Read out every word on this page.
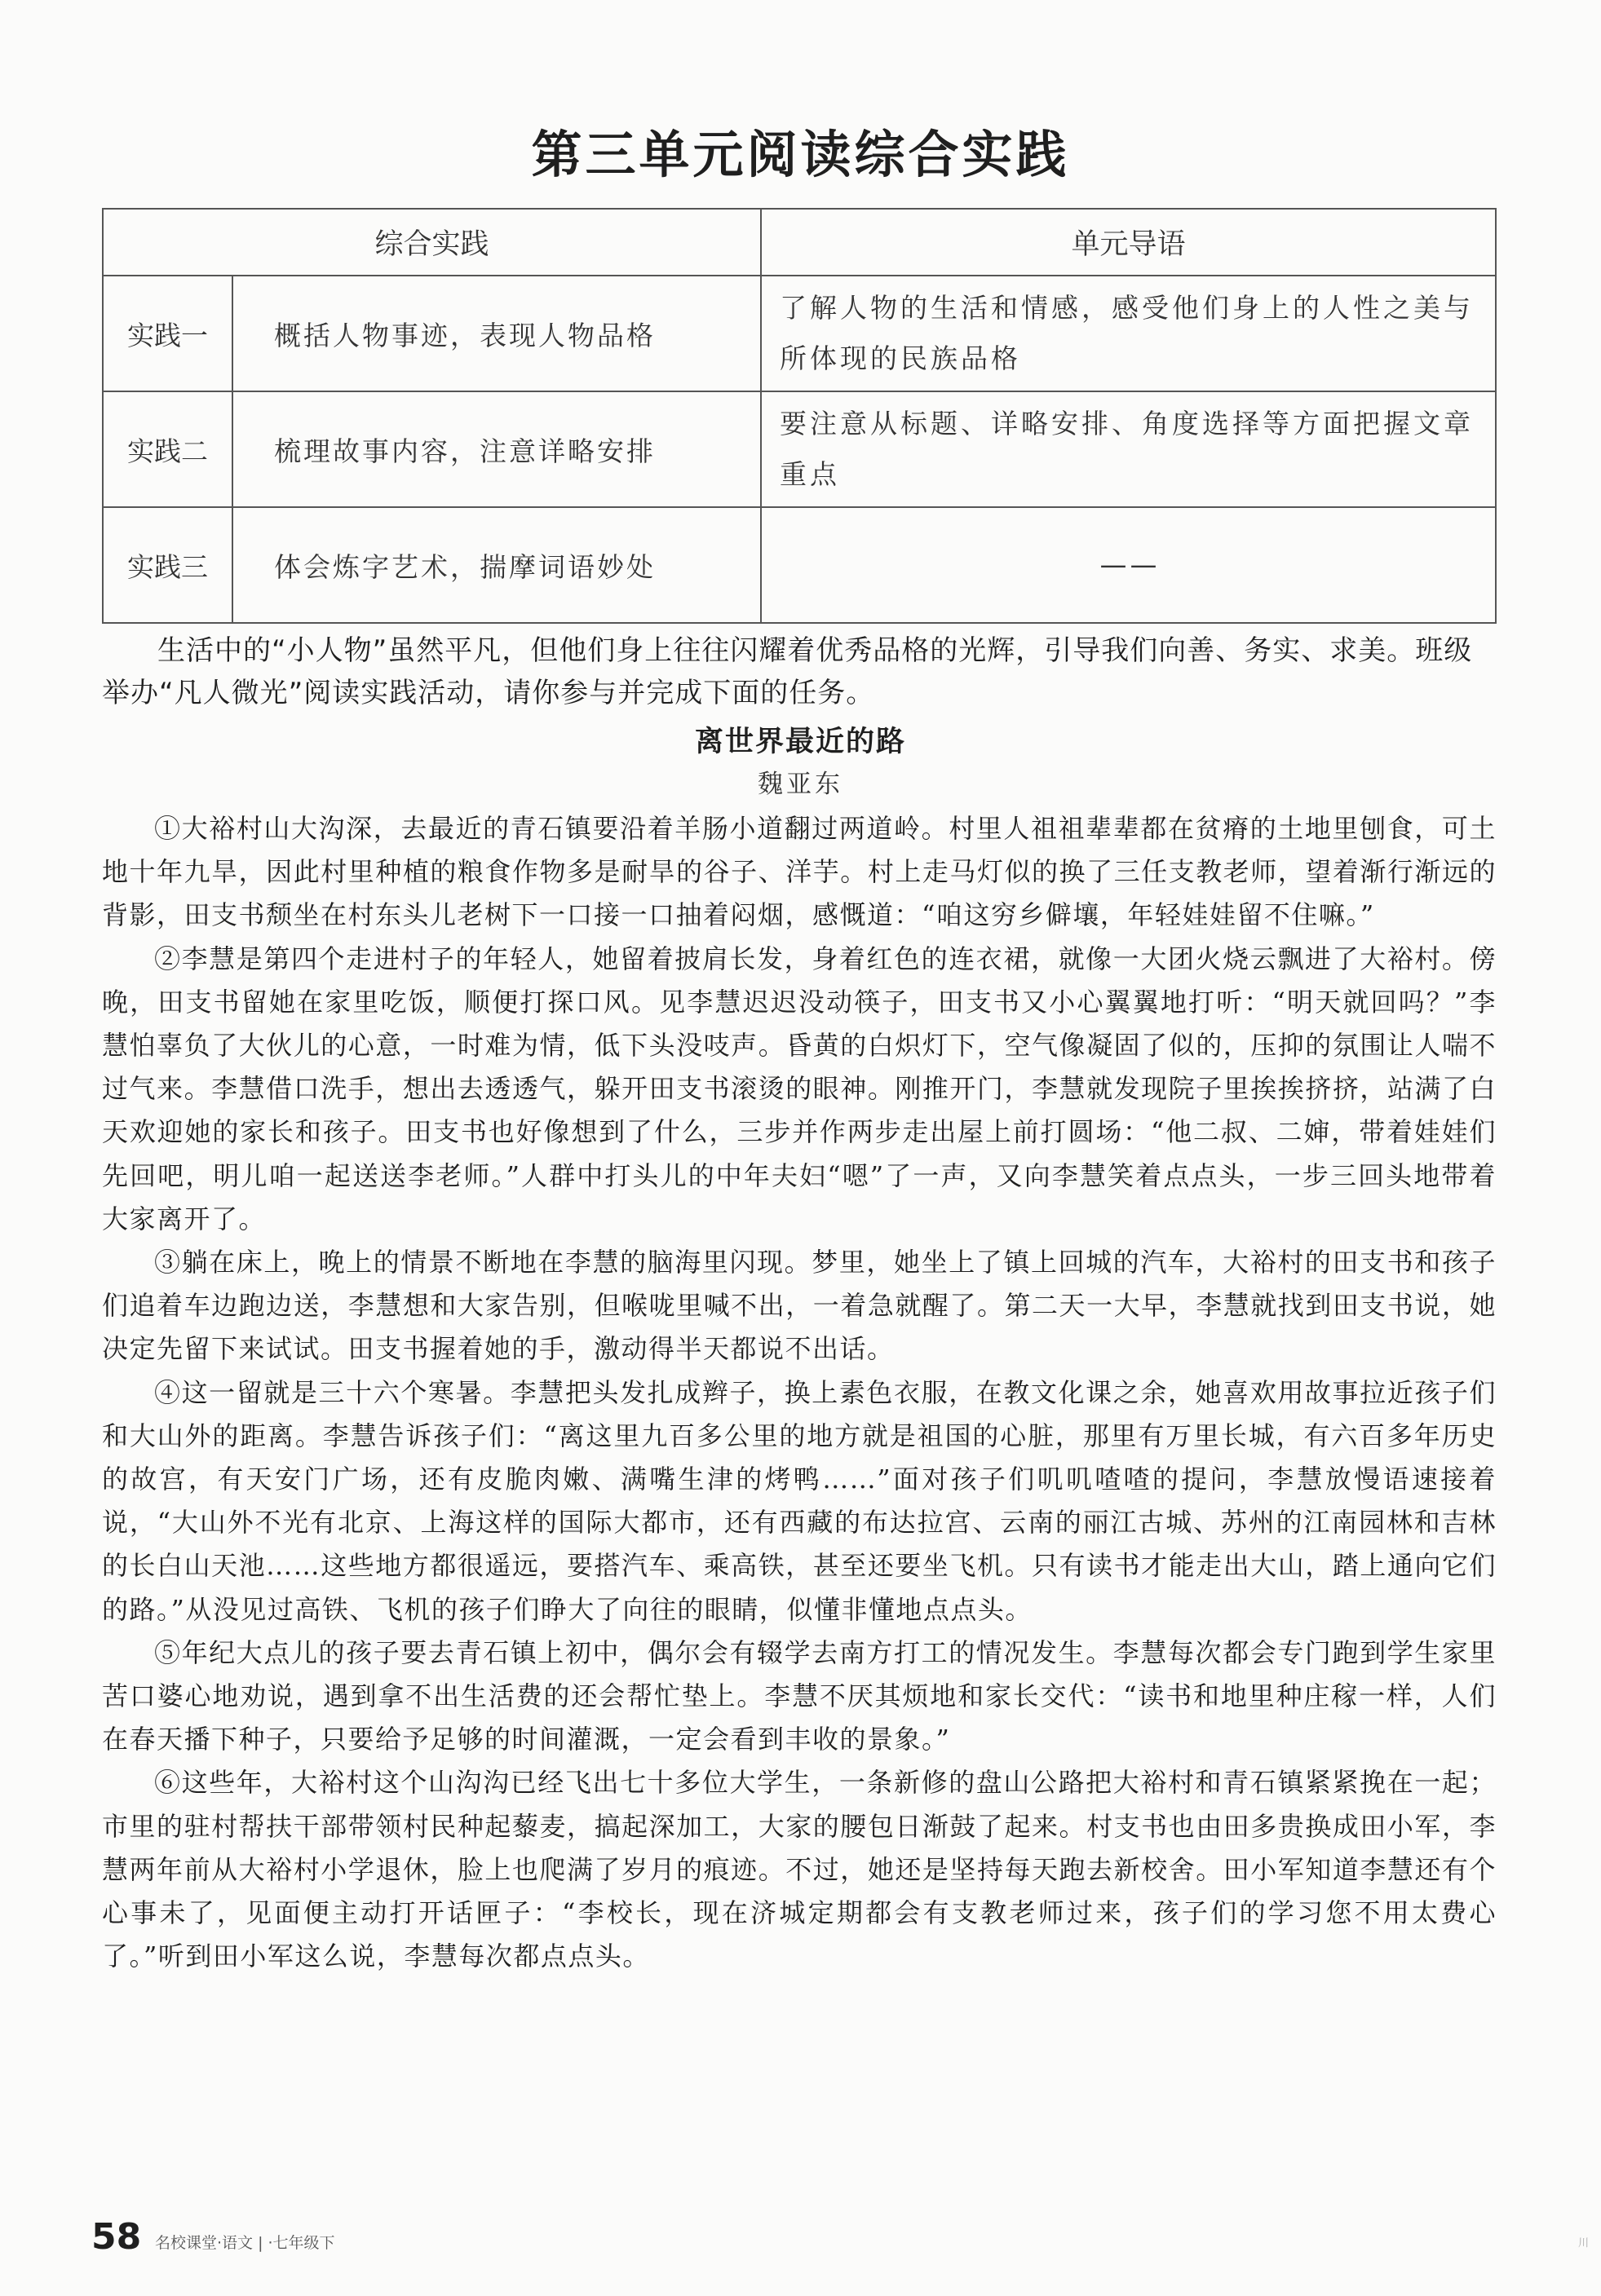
第三单元阅读综合实践
综合实践		单元导语
实践一	概括人物事迹，表现人物品格	了解人物的生活和情感，感受他们身上的人性之美与所体现的民族品格
实践二	梳理故事内容，注意详略安排	要注意从标题、详略安排、角度选择等方面把握文章重点
实践三	体会炼字艺术，揣摩词语妙处	——

生活中的“小人物”虽然平凡，但他们身上往往闪耀着优秀品格的光辉，引导我们向善、务实、求美。班级举办“凡人微光”阅读实践活动，请你参与并完成下面的任务。

离世界最近的路
魏亚东

①大裕村山大沟深，去最近的青石镇要沿着羊肠小道翻过两道岭。村里人祖祖辈辈都在贫瘠的土地里刨食，可土地十年九旱，因此村里种植的粮食作物多是耐旱的谷子、洋芋。村上走马灯似的换了三任支教老师，望着渐行渐远的背影，田支书颓坐在村东头儿老树下一口接一口抽着闷烟，感慨道：“咱这穷乡僻壤，年轻娃娃留不住嘛。”

②李慧是第四个走进村子的年轻人，她留着披肩长发，身着红色的连衣裙，就像一大团火烧云飘进了大裕村。傍晚，田支书留她在家里吃饭，顺便打探口风。见李慧迟迟没动筷子，田支书又小心翼翼地打听：“明天就回吗？”李慧怕辜负了大伙儿的心意，一时难为情，低下头没吱声。昏黄的白炽灯下，空气像凝固了似的，压抑的氛围让人喘不过气来。李慧借口洗手，想出去透透气，躲开田支书滚烫的眼神。刚推开门，李慧就发现院子里挨挨挤挤，站满了白天欢迎她的家长和孩子。田支书也好像想到了什么，三步并作两步走出屋上前打圆场：“他二叔、二婶，带着娃娃们先回吧，明儿咱一起送送李老师。”人群中打头儿的中年夫妇“嗯”了一声，又向李慧笑着点点头，一步三回头地带着大家离开了。

③躺在床上，晚上的情景不断地在李慧的脑海里闪现。梦里，她坐上了镇上回城的汽车，大裕村的田支书和孩子们追着车边跑边送，李慧想和大家告别，但喉咙里喊不出，一着急就醒了。第二天一大早，李慧就找到田支书说，她决定先留下来试试。田支书握着她的手，激动得半天都说不出话。

④这一留就是三十六个寒暑。李慧把头发扎成辫子，换上素色衣服，在教文化课之余，她喜欢用故事拉近孩子们和大山外的距离。李慧告诉孩子们：“离这里九百多公里的地方就是祖国的心脏，那里有万里长城，有六百多年历史的故宫，有天安门广场，还有皮脆肉嫩、满嘴生津的烤鸭……”面对孩子们叽叽喳喳的提问，李慧放慢语速接着说，“大山外不光有北京、上海这样的国际大都市，还有西藏的布达拉宫、云南的丽江古城、苏州的江南园林和吉林的长白山天池……这些地方都很遥远，要搭汽车、乘高铁，甚至还要坐飞机。只有读书才能走出大山，踏上通向它们的路。”从没见过高铁、飞机的孩子们睁大了向往的眼睛，似懂非懂地点点头。

⑤年纪大点儿的孩子要去青石镇上初中，偶尔会有辍学去南方打工的情况发生。李慧每次都会专门跑到学生家里苦口婆心地劝说，遇到拿不出生活费的还会帮忙垫上。李慧不厌其烦地和家长交代：“读书和地里种庄稼一样，人们在春天播下种子，只要给予足够的时间灌溉，一定会看到丰收的景象。”

⑥这些年，大裕村这个山沟沟已经飞出七十多位大学生，一条新修的盘山公路把大裕村和青石镇紧紧挽在一起；市里的驻村帮扶干部带领村民种起藜麦，搞起深加工，大家的腰包日渐鼓了起来。村支书也由田多贵换成田小军，李慧两年前从大裕村小学退休，脸上也爬满了岁月的痕迹。不过，她还是坚持每天跑去新校舍。田小军知道李慧还有个心事未了，见面便主动打开话匣子：“李校长，现在济城定期都会有支教老师过来，孩子们的学习您不用太费心了。”听到田小军这么说，李慧每次都点点头。

58 名校课堂·语文 | ·七年级下	川
